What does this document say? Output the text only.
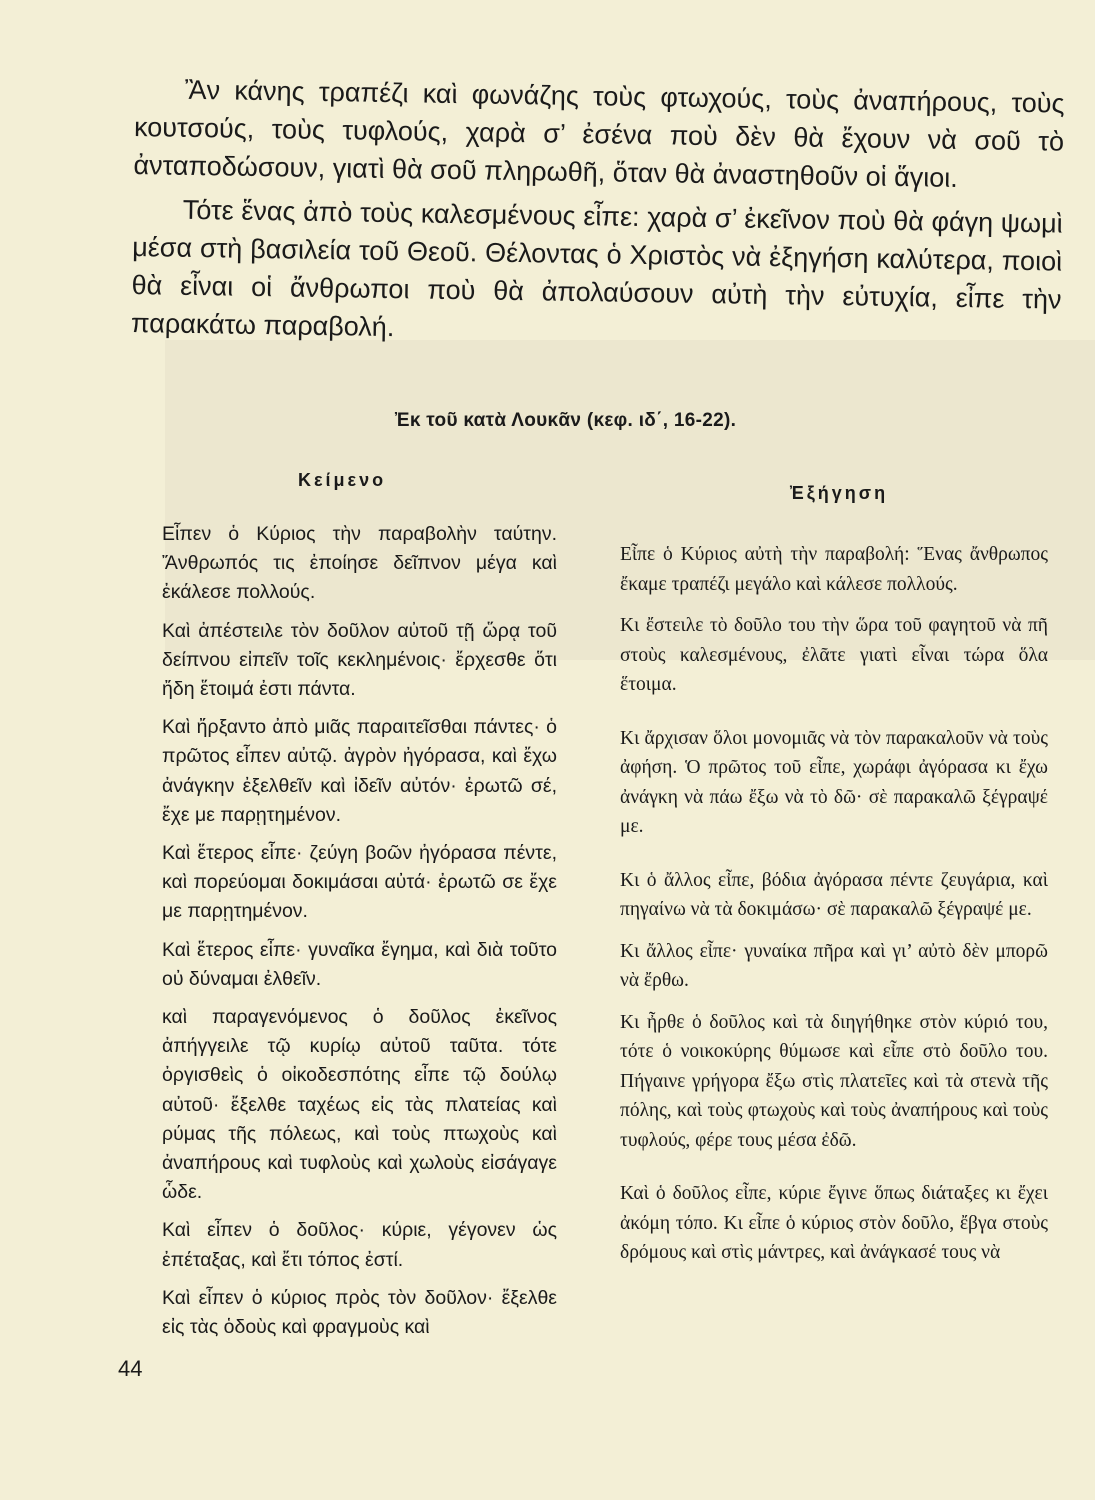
Ἂν κάνης τραπέζι καὶ φωνάζης τοὺς φτωχούς, τοὺς ἀναπήρους, τοὺς κουτσούς, τοὺς τυφλούς, χαρὰ σ’ ἐσένα ποὺ δὲν θὰ ἔχουν νὰ σοῦ τὸ ἀνταποδώσουν, γιατὶ θὰ σοῦ πληρωθῆ, ὅταν θὰ ἀναστηθοῦν οἱ ἅγιοι.

Τότε ἕνας ἀπὸ τοὺς καλεσμένους εἶπε: χαρὰ σ’ ἐκεῖνον ποὺ θὰ φάγη ψωμὶ μέσα στὴ βασιλεία τοῦ Θεοῦ. Θέλοντας ὁ Χριστὸς νὰ ἐξηγήση καλύτερα, ποιοὶ θὰ εἶναι οἱ ἄνθρωποι ποὺ θὰ ἀπολαύσουν αὐτὴ τὴν εὐτυχία, εἶπε τὴν παρακάτω παραβολή.

Ἐκ τοῦ κατὰ Λουκᾶν (κεφ. ιδ΄, 16-22).
Κείμενο
Ἐξήγηση

Εἶπεν ὁ Κύριος τὴν παραβολὴν ταύτην. Ἄνθρωπός τις ἐποίησε δεῖπνον μέγα καὶ ἐκάλεσε πολλούς.

Καὶ ἀπέστειλε τὸν δοῦλον αὐτοῦ τῇ ὥρᾳ τοῦ δείπνου εἰπεῖν τοῖς κεκλημένοις· ἔρχεσθε ὅτι ἤδη ἕτοιμά ἐστι πάντα.

Καὶ ἤρξαντο ἀπὸ μιᾶς παραιτεῖσθαι πάντες· ὁ πρῶτος εἶπεν αὐτῷ. ἀγρὸν ἠγόρασα, καὶ ἔχω ἀνάγκην ἐξελθεῖν καὶ ἰδεῖν αὐτόν· ἐρωτῶ σέ, ἔχε με παρῃτημένον.

Καὶ ἕτερος εἶπε· ζεύγη βοῶν ἠγόρασα πέντε, καὶ πορεύομαι δοκιμάσαι αὐτά· ἐρωτῶ σε ἔχε με παρῃτημένον.

Καὶ ἕτερος εἶπε· γυναῖκα ἔγημα, καὶ διὰ τοῦτο οὐ δύναμαι ἐλθεῖν.

καὶ παραγενόμενος ὁ δοῦλος ἐκεῖνος ἀπήγγειλε τῷ κυρίῳ αὐτοῦ ταῦτα. τότε ὀργισθεὶς ὁ οἰκοδεσπότης εἶπε τῷ δούλῳ αὐτοῦ· ἔξελθε ταχέως εἰς τὰς πλατείας καὶ ρύμας τῆς πόλεως, καὶ τοὺς πτωχοὺς καὶ ἀναπήρους καὶ τυφλοὺς καὶ χωλοὺς εἰσάγαγε ὧδε.

Καὶ εἶπεν ὁ δοῦλος· κύριε, γέγονεν ὡς ἐπέταξας, καὶ ἔτι τόπος ἐστί.

Καὶ εἶπεν ὁ κύριος πρὸς τὸν δοῦλον· ἔξελθε εἰς τὰς ὁδοὺς καὶ φραγμοὺς καὶ

Εἶπε ὁ Κύριος αὐτὴ τὴν παραβολή: Ἕνας ἄνθρωπος ἔκαμε τραπέζι μεγάλο καὶ κάλεσε πολλούς.

Κι ἔστειλε τὸ δοῦλο του τὴν ὥρα τοῦ φαγητοῦ νὰ πῆ στοὺς καλεσμένους, ἐλᾶτε γιατὶ εἶναι τώρα ὅλα ἕτοιμα.

Κι ἄρχισαν ὅλοι μονομιᾶς νὰ τὸν παρακαλοῦν νὰ τοὺς ἀφήση. Ὁ πρῶτος τοῦ εἶπε, χωράφι ἀγόρασα κι ἔχω ἀνάγκη νὰ πάω ἔξω νὰ τὸ δῶ· σὲ παρακαλῶ ξέγραψέ με.

Κι ὁ ἄλλος εἶπε, βόδια ἀγόρασα πέντε ζευγάρια, καὶ πηγαίνω νὰ τὰ δοκιμάσω· σὲ παρακαλῶ ξέγραψέ με.

Κι ἄλλος εἶπε· γυναίκα πῆρα καὶ γι’ αὐτὸ δὲν μπορῶ νὰ ἔρθω.

Κι ἦρθε ὁ δοῦλος καὶ τὰ διηγήθηκε στὸν κύριό του, τότε ὁ νοικοκύρης θύμωσε καὶ εἶπε στὸ δοῦλο του. Πήγαινε γρήγορα ἔξω στὶς πλατεῖες καὶ τὰ στενὰ τῆς πόλης, καὶ τοὺς φτωχοὺς καὶ τοὺς ἀναπήρους καὶ τοὺς τυφλούς, φέρε τους μέσα ἐδῶ.

Καὶ ὁ δοῦλος εἶπε, κύριε ἔγινε ὅπως διάταξες κι ἔχει ἀκόμη τόπο. Κι εἶπε ὁ κύριος στὸν δοῦλο, ἔβγα στοὺς δρόμους καὶ στὶς μάντρες, καὶ ἀνάγκασέ τους νὰ

44
